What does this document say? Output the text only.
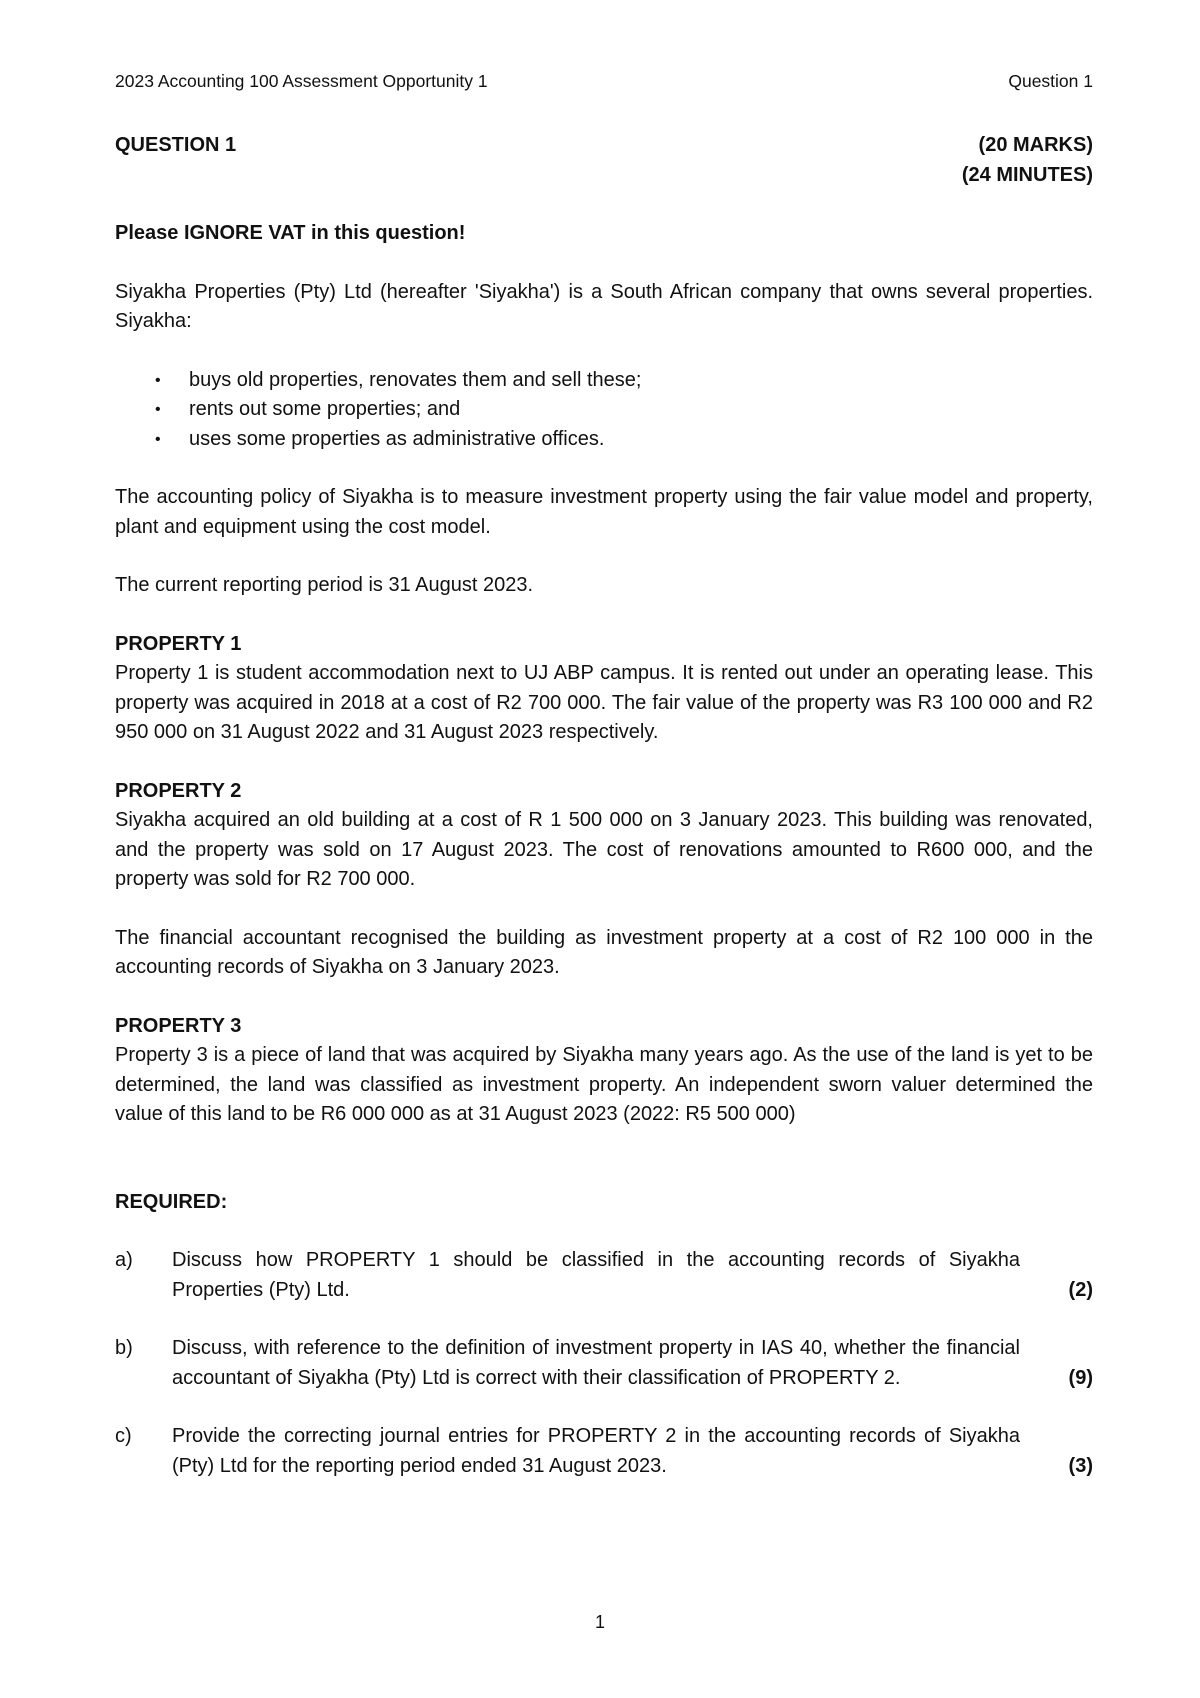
2023 Accounting 100 Assessment Opportunity 1	Question 1
QUESTION 1	(20 MARKS)
(24 MINUTES)

Please IGNORE VAT in this question!

Siyakha Properties (Pty) Ltd (hereafter 'Siyakha') is a South African company that owns several properties. Siyakha:

• buys old properties, renovates them and sell these;
• rents out some properties; and
• uses some properties as administrative offices.

The accounting policy of Siyakha is to measure investment property using the fair value model and property, plant and equipment using the cost model.

The current reporting period is 31 August 2023.

PROPERTY 1

Property 1 is student accommodation next to UJ ABP campus. It is rented out under an operating lease. This property was acquired in 2018 at a cost of R2 700 000. The fair value of the property was R3 100 000 and R2 950 000 on 31 August 2022 and 31 August 2023 respectively.

PROPERTY 2

Siyakha acquired an old building at a cost of R 1 500 000 on 3 January 2023. This building was renovated, and the property was sold on 17 August 2023. The cost of renovations amounted to R600 000, and the property was sold for R2 700 000.

The financial accountant recognised the building as investment property at a cost of R2 100 000 in the accounting records of Siyakha on 3 January 2023.

PROPERTY 3

Property 3 is a piece of land that was acquired by Siyakha many years ago. As the use of the land is yet to be determined, the land was classified as investment property. An independent sworn valuer determined the value of this land to be R6 000 000 as at 31 August 2023 (2022: R5 500 000)

REQUIRED:

a)	Discuss how PROPERTY 1 should be classified in the accounting records of Siyakha Properties (Pty) Ltd.	(2)
b)	Discuss, with reference to the definition of investment property in IAS 40, whether the financial accountant of Siyakha (Pty) Ltd is correct with their classification of PROPERTY 2.	(9)
c)	Provide the correcting journal entries for PROPERTY 2 in the accounting records of Siyakha (Pty) Ltd for the reporting period ended 31 August 2023.	(3)
1
